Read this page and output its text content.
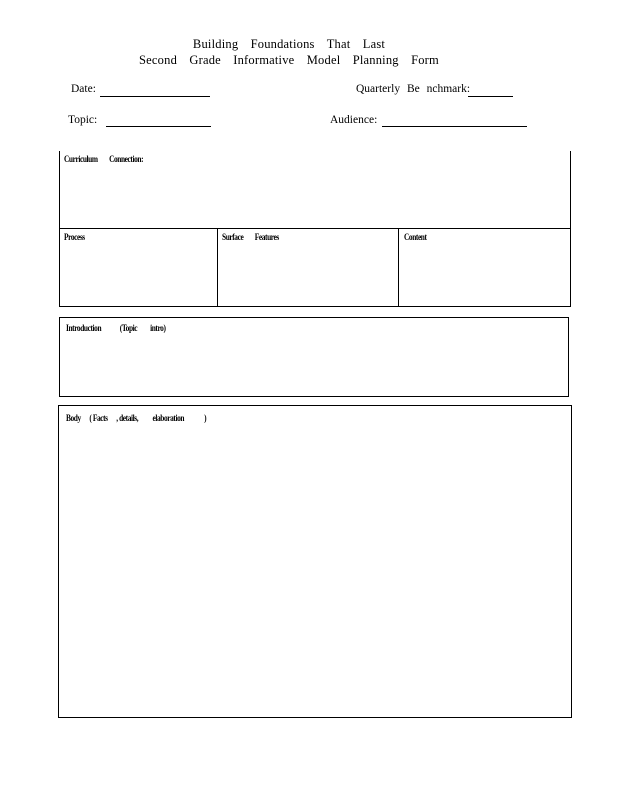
Building Foundations That Last
Second Grade Informative Model Planning Form
Date:	Quarterly Be nchmark:
Topic:	Audience:
Curriculum        Connection:
Process	Surface        Features	Content
Introduction             (Topic         intro)
Body      ( Facts      , details,          elaboration              )
